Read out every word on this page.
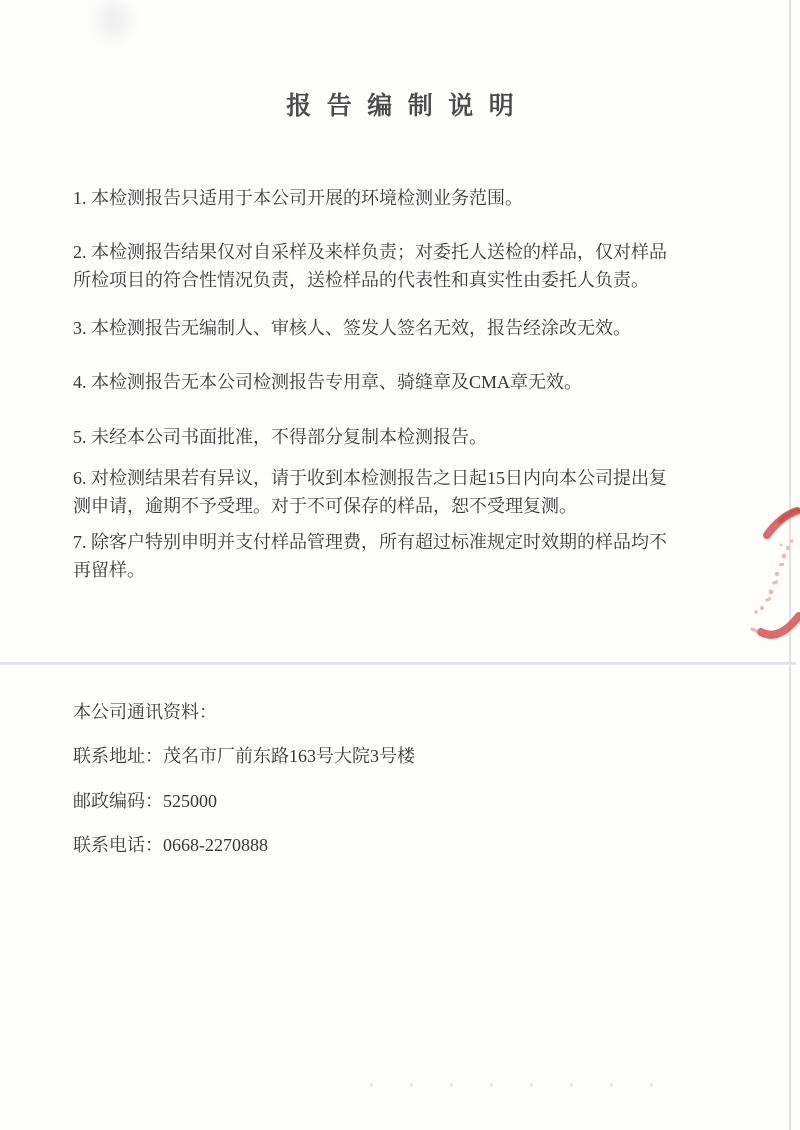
报告编制说明

1. 本检测报告只适用于本公司开展的环境检测业务范围。

2. 本检测报告结果仅对自采样及来样负责；对委托人送检的样品，仅对样品
所检项目的符合性情况负责，送检样品的代表性和真实性由委托人负责。

3. 本检测报告无编制人、审核人、签发人签名无效，报告经涂改无效。

4. 本检测报告无本公司检测报告专用章、骑缝章及CMA章无效。

5. 未经本公司书面批准，不得部分复制本检测报告。

6. 对检测结果若有异议，请于收到本检测报告之日起15日内向本公司提出复
测申请，逾期不予受理。对于不可保存的样品，恕不受理复测。

7. 除客户特别申明并支付样品管理费，所有超过标准规定时效期的样品均不
再留样。

本公司通讯资料：

联系地址：茂名市厂前东路163号大院3号楼

邮政编码：525000

联系电话：0668-2270888
